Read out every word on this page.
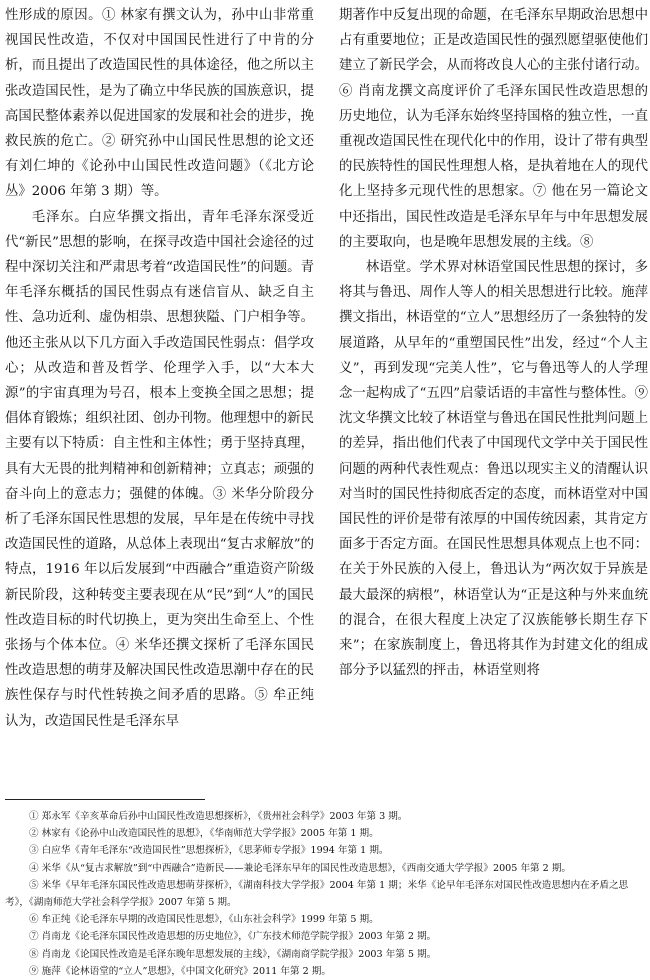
性形成的原因。① 林家有撰文认为，孙中山非常重视国民性改造，不仅对中国国民性进行了中肯的分析，而且提出了改造国民性的具体途径，他之所以主张改造国民性，是为了确立中华民族的国族意识，提高国民整体素养以促进国家的发展和社会的进步，挽救民族的危亡。② 研究孙中山国民性思想的论文还有刘仁坤的《论孙中山国民性改造问题》（《北方论丛》2006 年第 3 期）等。

毛泽东。白应华撰文指出，青年毛泽东深受近代“新民”思想的影响，在探寻改造中国社会途径的过程中深切关注和严肃思考着“改造国民性”的问题。青年毛泽东概括的国民性弱点有迷信盲从、缺乏自主性、急功近利、虚伪相祟、思想狭隘、门户相争等。他还主张从以下几方面入手改造国民性弱点：倡学攻心；从改造和普及哲学、伦理学入手，以“大本大源”的宇宙真理为号召，根本上变换全国之思想；提倡体育锻炼；组织社团、创办刊物。他理想中的新民主要有以下特质：自主性和主体性；勇于坚持真理，具有大无畏的批判精神和创新精神；立真志；顽强的奋斗向上的意志力；强健的体魄。③ 米华分阶段分析了毛泽东国民性思想的发展，早年是在传统中寻找改造国民性的道路，从总体上表现出“复古求解放”的特点，1916 年以后发展到“中西融合”重造资产阶级新民阶段，这种转变主要表现在从“民”到“人”的国民性改造目标的时代切换上，更为突出生命至上、个性张扬与个体本位。④ 米华还撰文探析了毛泽东国民性改造思想的萌芽及解决国民性改造思潮中存在的民族性保存与时代性转换之间矛盾的思路。⑤ 牟正纯认为，改造国民性是毛泽东早

期著作中反复出现的命题，在毛泽东早期政治思想中占有重要地位；正是改造国民性的强烈愿望驱使他们建立了新民学会，从而将改良人心的主张付诸行动。⑥ 肖南龙撰文高度评价了毛泽东国民性改造思想的历史地位，认为毛泽东始终坚持国格的独立性，一直重视改造国民性在现代化中的作用，设计了带有典型的民族特性的国民性理想人格，是执着地在人的现代化上坚持多元现代性的思想家。⑦ 他在另一篇论文中还指出，国民性改造是毛泽东早年与中年思想发展的主要取向，也是晚年思想发展的主线。⑧

林语堂。学术界对林语堂国民性思想的探讨，多将其与鲁迅、周作人等人的相关思想进行比较。施萍撰文指出，林语堂的“立人”思想经历了一条独特的发展道路，从早年的“重塑国民性”出发，经过“个人主义”，再到发现“完美人性”，它与鲁迅等人的人学理念一起构成了“五四”启蒙话语的丰富性与整体性。⑨ 沈文华撰文比较了林语堂与鲁迅在国民性批判问题上的差异，指出他们代表了中国现代文学中关于国民性问题的两种代表性观点：鲁迅以现实主义的清醒认识对当时的国民性持彻底否定的态度，而林语堂对中国国民性的评价是带有浓厚的中国传统因素，其肯定方面多于否定方面。在国民性思想具体观点上也不同：在关于外民族的入侵上，鲁迅认为“两次奴于异族是最大最深的病根”，林语堂认为“正是这种与外来血统的混合，在很大程度上决定了汉族能够长期生存下来”；在家族制度上，鲁迅将其作为封建文化的组成部分予以猛烈的抨击，林语堂则将

① 郑永军《辛亥革命后孙中山国民性改造思想探析》，《贵州社会科学》2003 年第 3 期。

② 林家有《论孙中山改造国民性的思想》，《华南师范大学学报》2005 年第 1 期。

③ 白应华《青年毛泽东“改造国民性”思想探析》，《思茅师专学报》1994 年第 1 期。

④ 米华《从“复古求解放”到“中西融合”造新民——兼论毛泽东早年的国民性改造思想》，《西南交通大学学报》2005 年第 2 期。

⑤ 米华《早年毛泽东国民性改造思想萌芽探析》，《湖南科技大学学报》2004 年第 1 期；米华《论早年毛泽东对国民性改造思想内在矛盾之思考》，《湖南师范大学社会科学学报》2007 年第 5 期。

⑥ 牟正纯《论毛泽东早期的改造国民性思想》，《山东社会科学》1999 年第 5 期。

⑦ 肖南龙《论毛泽东国民性改造思想的历史地位》，《广东技术师范学院学报》2003 年第 2 期。

⑧ 肖南龙《论国民性改造是毛泽东晚年思想发展的主线》，《湖南商学院学报》2003 年第 5 期。

⑨ 施萍《论林语堂的“立人”思想》，《中国文化研究》2011 年第 2 期。
